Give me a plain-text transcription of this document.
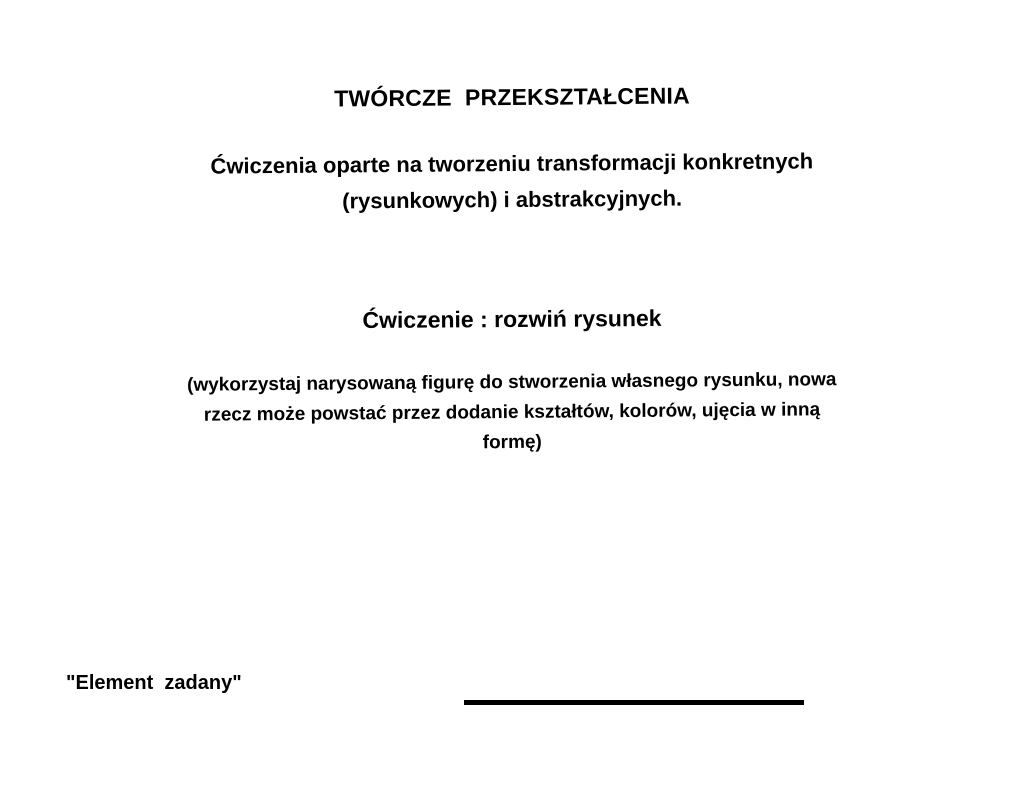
TWÓRCZE  PRZEKSZTAŁCENIA
Ćwiczenia oparte na tworzeniu transformacji konkretnych
(rysunkowych) i abstrakcyjnych.
Ćwiczenie : rozwiń rysunek
(wykorzystaj narysowaną figurę do stworzenia własnego rysunku, nowa
rzecz może powstać przez dodanie kształtów, kolorów, ujęcia w inną
formę)
"Element  zadany"
